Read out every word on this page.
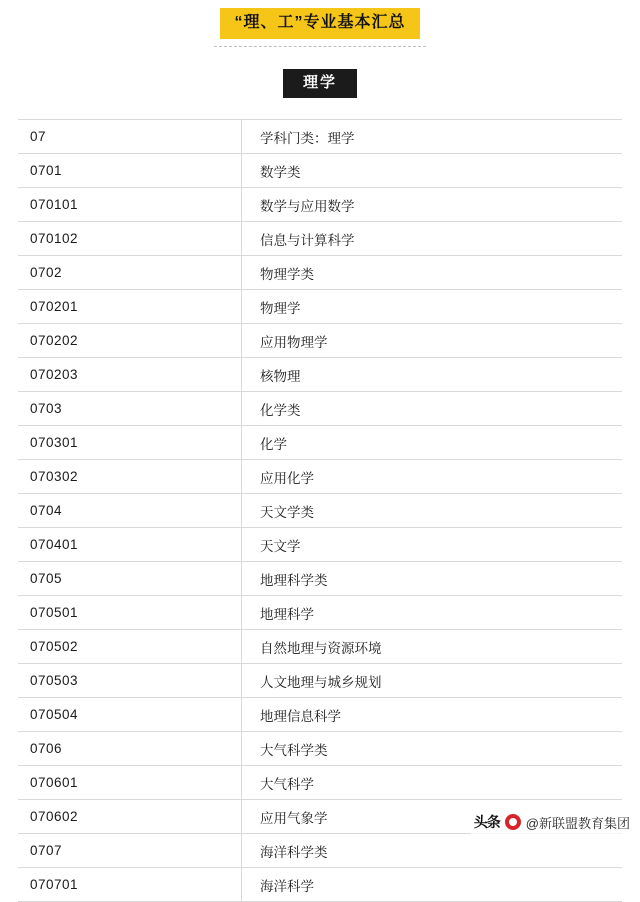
“理、工”专业基本汇总
理学
07	学科门类：理学
0701	数学类
070101	数学与应用数学
070102	信息与计算科学
0702	物理学类
070201	物理学
070202	应用物理学
070203	核物理
0703	化学类
070301	化学
070302	应用化学
0704	天文学类
070401	天文学
0705	地理科学类
070501	地理科学
070502	自然地理与资源环境
070503	人文地理与城乡规划
070504	地理信息科学
0706	大气科学类
070601	大气科学
070602	应用气象学
0707	海洋科学类
070701	海洋科学
头条 @新联盟教育集团
